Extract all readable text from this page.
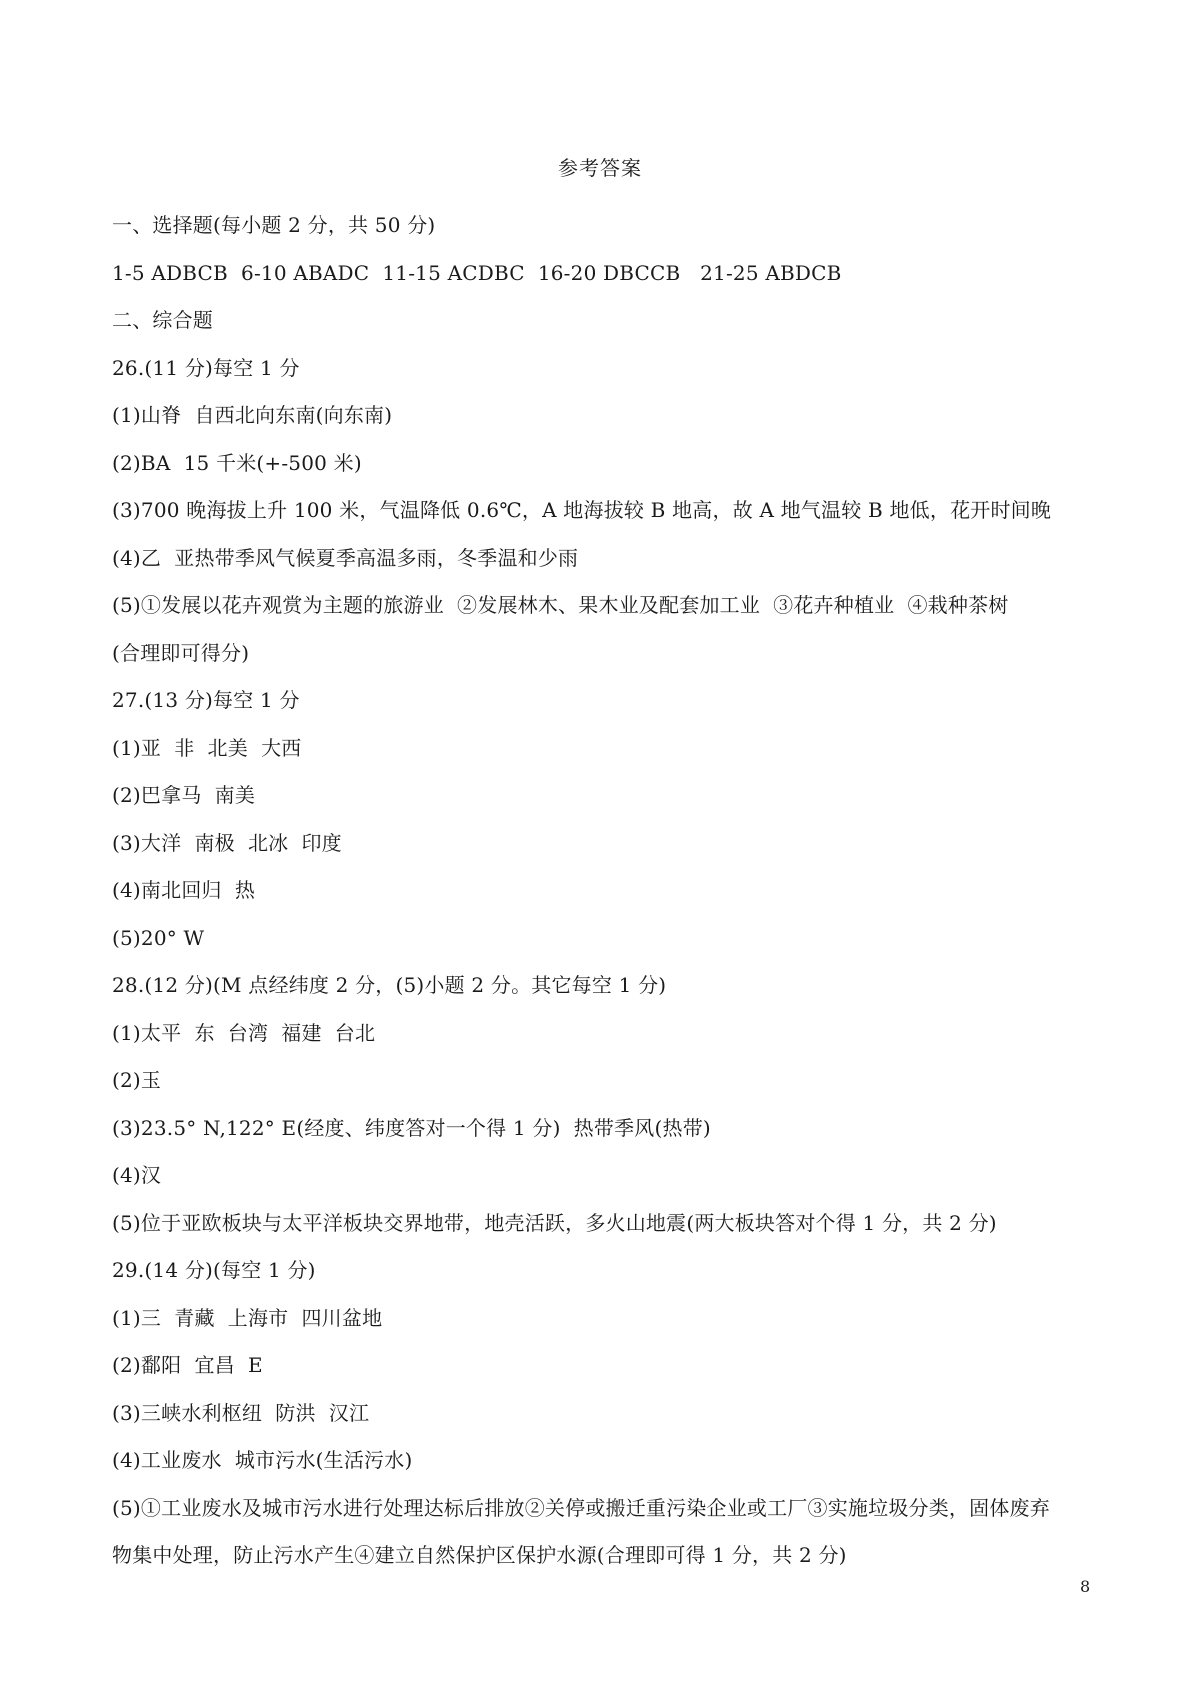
参考答案
一、选择题(每小题 2 分，共 50 分)
1-5 ADBCB  6-10 ABADC  11-15 ACDBC  16-20 DBCCB   21-25 ABDCB
二、综合题
26.(11 分)每空 1 分
(1)山脊  自西北向东南(向东南)
(2)BA  15 千米(+-500 米)
(3)700 晚海拔上升 100 米，气温降低 0.6℃，A 地海拔较 B 地高，故 A 地气温较 B 地低，花开时间晚
(4)乙  亚热带季风气候夏季高温多雨，冬季温和少雨
(5)①发展以花卉观赏为主题的旅游业  ②发展林木、果木业及配套加工业  ③花卉种植业  ④栽种茶树
(合理即可得分)
27.(13 分)每空 1 分
(1)亚  非  北美  大西
(2)巴拿马  南美
(3)大洋  南极  北冰  印度
(4)南北回归  热
(5)20° W
28.(12 分)(M 点经纬度 2 分，(5)小题 2 分。其它每空 1 分)
(1)太平  东  台湾  福建  台北
(2)玉
(3)23.5° N,122° E(经度、纬度答对一个得 1 分)  热带季风(热带)
(4)汉
(5)位于亚欧板块与太平洋板块交界地带，地壳活跃，多火山地震(两大板块答对个得 1 分，共 2 分)
29.(14 分)(每空 1 分)
(1)三  青藏  上海市  四川盆地
(2)鄱阳  宜昌  E
(3)三峡水利枢纽  防洪  汉江
(4)工业废水  城市污水(生活污水)
(5)①工业废水及城市污水进行处理达标后排放②关停或搬迁重污染企业或工厂③实施垃圾分类，固体废弃
物集中处理，防止污水产生④建立自然保护区保护水源(合理即可得 1 分，共 2 分)
8
